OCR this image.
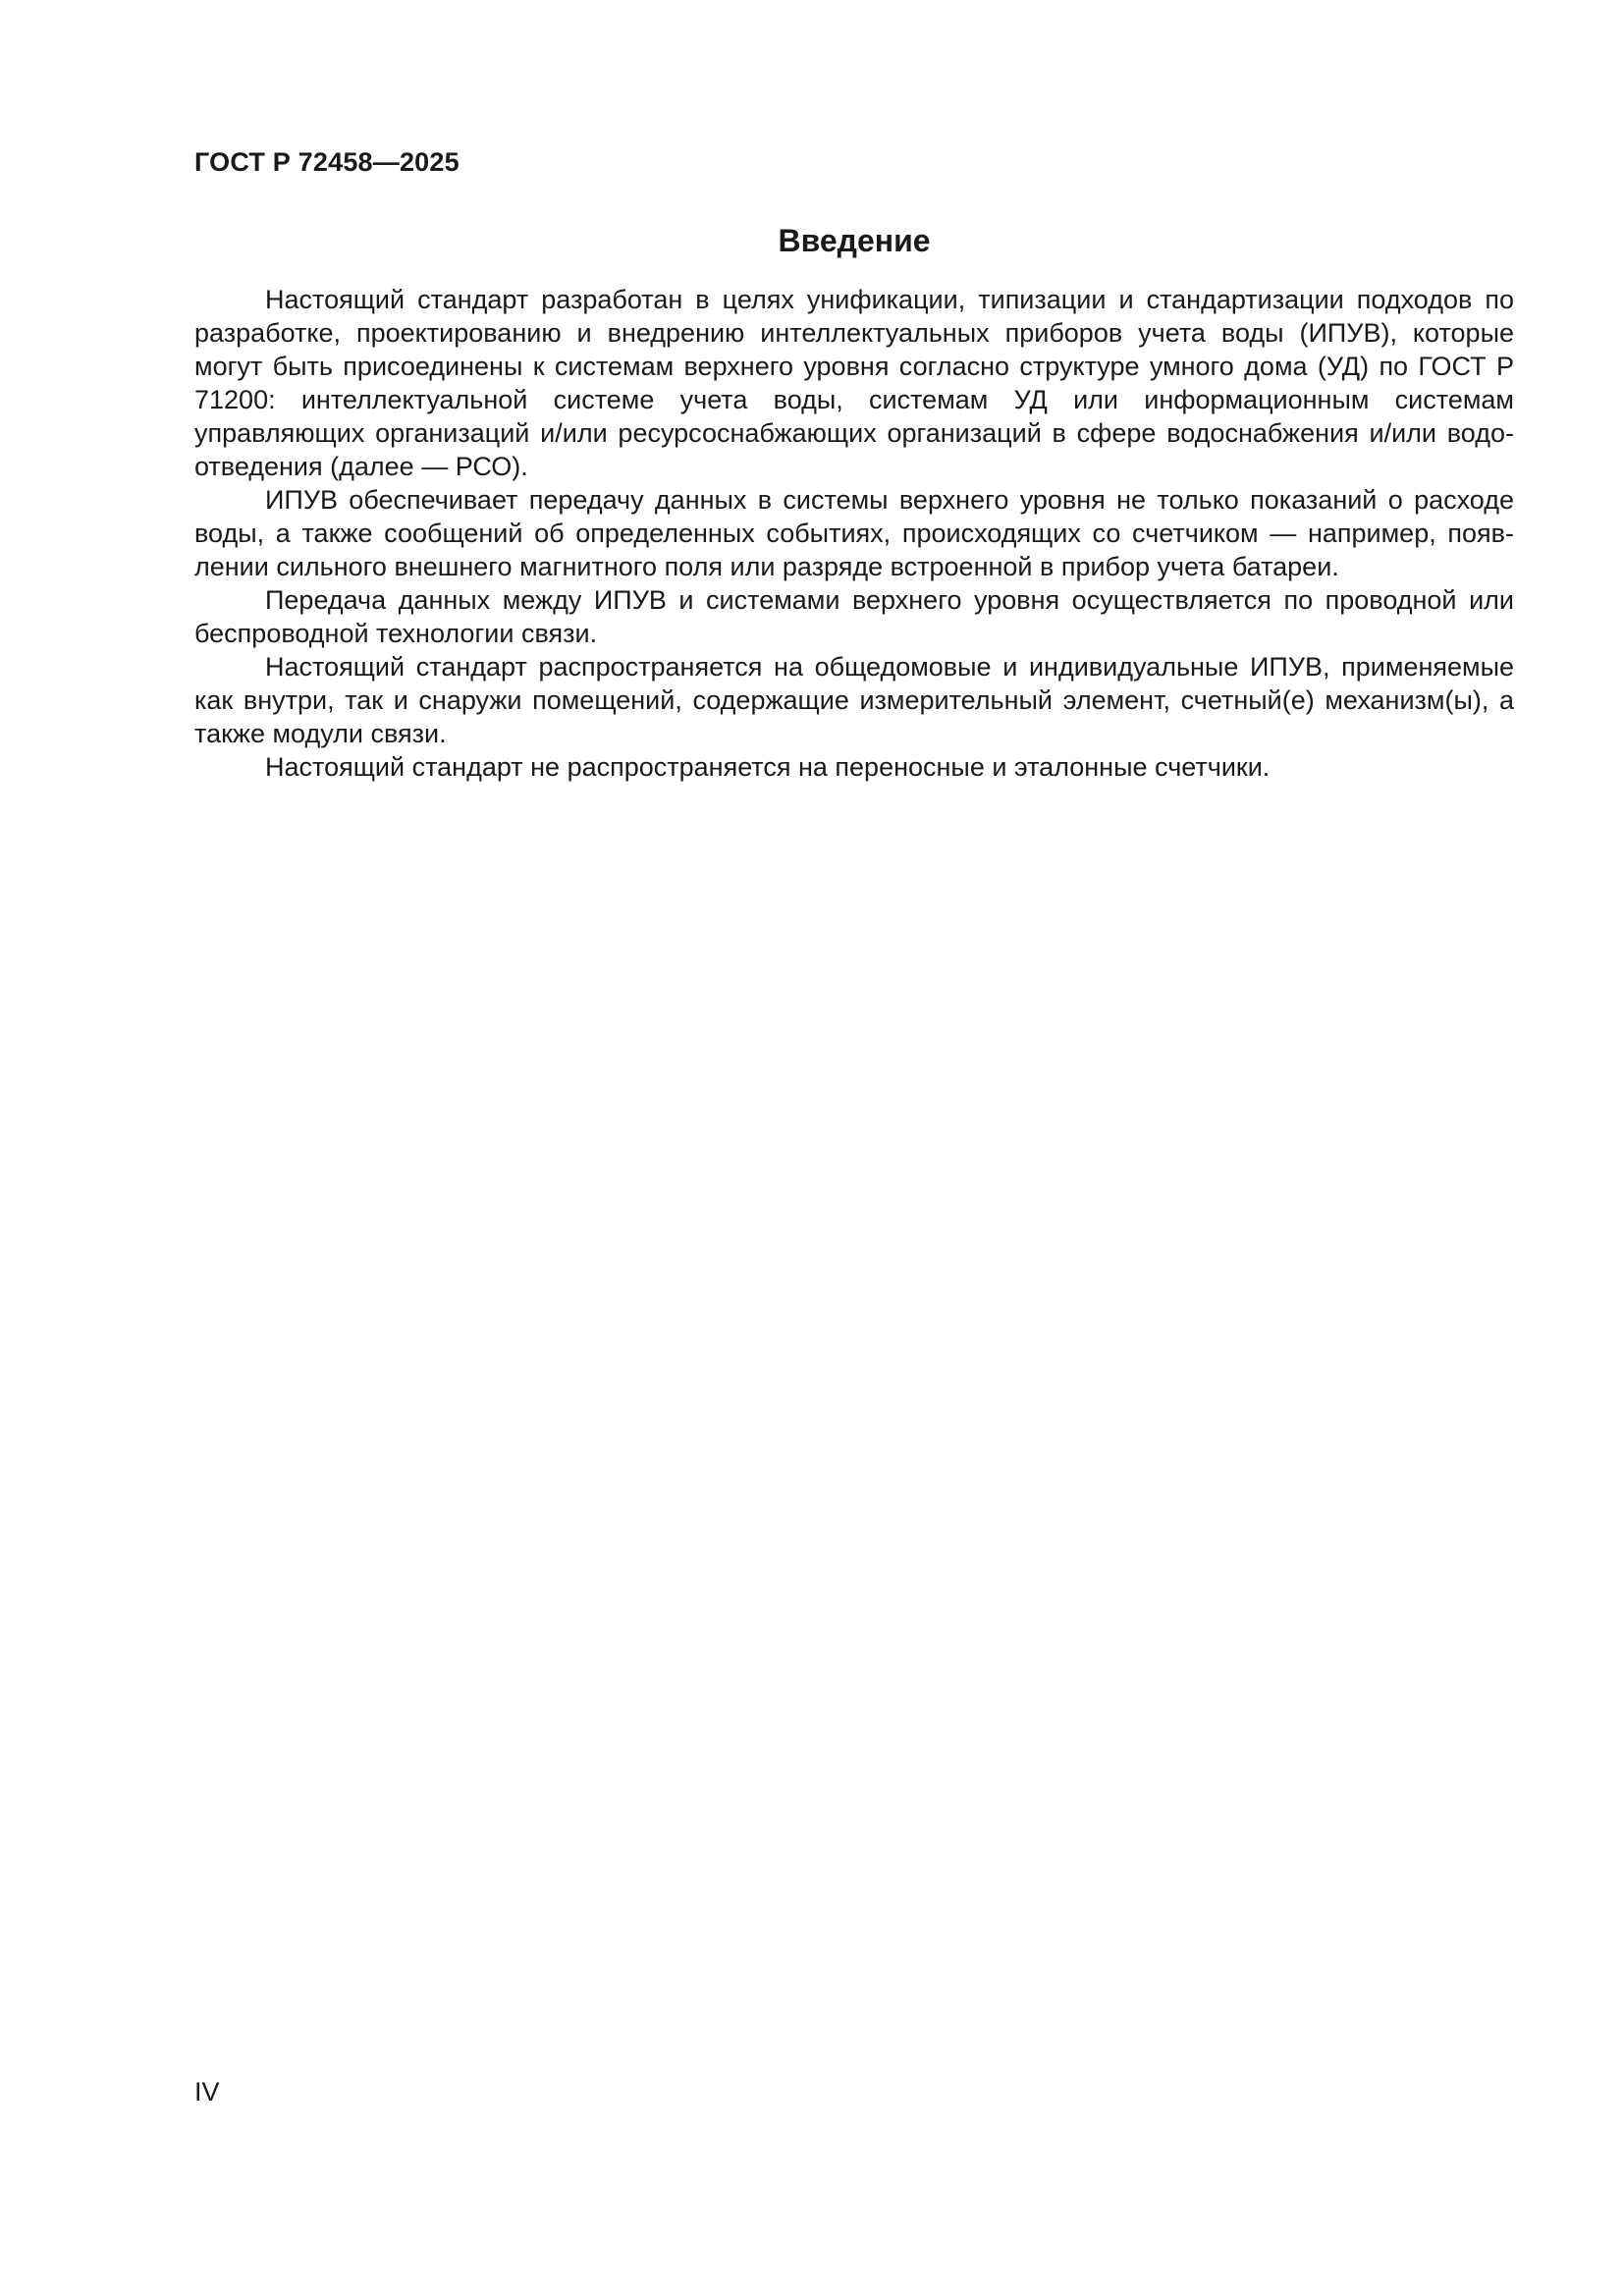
ГОСТ Р 72458—2025
Введение

Настоящий стандарт разработан в целях унификации, типизации и стандартизации подходов по разработке, проектированию и внедрению интеллектуальных приборов учета воды (ИПУВ), которые могут быть присоединены к системам верхнего уровня согласно структуре умного дома (УД) по ГОСТ Р 71200: интеллектуальной системе учета воды, системам УД или информационным системам управляющих организаций и/или ресурсоснабжающих организаций в сфере водоснабжения и/или водоотведения (далее — РСО).

ИПУВ обеспечивает передачу данных в системы верхнего уровня не только показаний о расходе воды, а также сообщений об определенных событиях, происходящих со счетчиком — например, появлении сильного внешнего магнитного поля или разряде встроенной в прибор учета батареи.

Передача данных между ИПУВ и системами верхнего уровня осуществляется по проводной или беспроводной технологии связи.

Настоящий стандарт распространяется на общедомовые и индивидуальные ИПУВ, применяемые как внутри, так и снаружи помещений, содержащие измерительный элемент, счетный(е) механизм(ы), а также модули связи.

Настоящий стандарт не распространяется на переносные и эталонные счетчики.

IV
